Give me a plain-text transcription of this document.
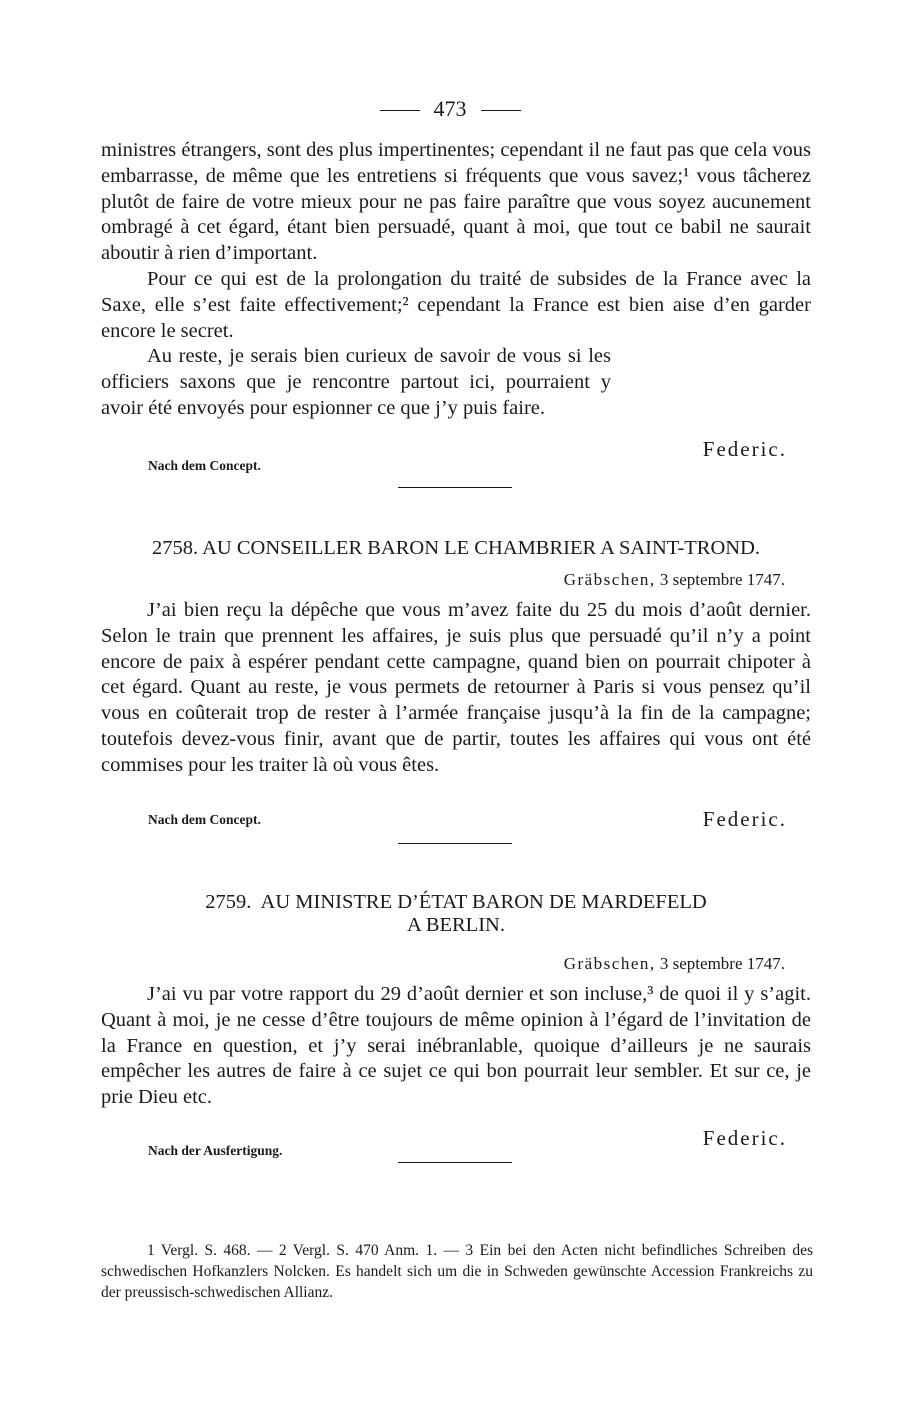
473

ministres étrangers, sont des plus impertinentes; cependant il ne faut pas que cela vous embarrasse, de même que les entretiens si fréquents que vous savez;¹ vous tâcherez plutôt de faire de votre mieux pour ne pas faire paraître que vous soyez aucunement ombragé à cet égard, étant bien persuadé, quant à moi, que tout ce babil ne saurait aboutir à rien d’important.

Pour ce qui est de la prolongation du traité de subsides de la France avec la Saxe, elle s’est faite effectivement;² cependant la France est bien aise d’en garder encore le secret.

Au reste, je serais bien curieux de savoir de vous si les officiers saxons que je rencontre partout ici, pourraient y avoir été envoyés pour espionner ce que j’y puis faire.

Federic.
Nach dem Concept.
2758. AU CONSEILLER BARON LE CHAMBRIER A SAINT-TROND.
Gräbschen, 3 septembre 1747.

J’ai bien reçu la dépêche que vous m’avez faite du 25 du mois d’août dernier. Selon le train que prennent les affaires, je suis plus que persuadé qu’il n’y a point encore de paix à espérer pendant cette campagne, quand bien on pourrait chipoter à cet égard. Quant au reste, je vous permets de retourner à Paris si vous pensez qu’il vous en coûterait trop de rester à l’armée française jusqu’à la fin de la campagne; toutefois devez-vous finir, avant que de partir, toutes les affaires qui vous ont été commises pour les traiter là où vous êtes.

Nach dem Concept.	Federic.
2759. AU MINISTRE D’ÉTAT BARON DE MARDEFELD
A BERLIN.
Gräbschen, 3 septembre 1747.

J’ai vu par votre rapport du 29 d’août dernier et son incluse,³ de quoi il y s’agit. Quant à moi, je ne cesse d’être toujours de même opinion à l’égard de l’invitation de la France en question, et j’y serai inébranlable, quoique d’ailleurs je ne saurais empêcher les autres de faire à ce sujet ce qui bon pourrait leur sembler. Et sur ce, je prie Dieu etc.

Federic.
Nach der Ausfertigung.

1 Vergl. S. 468. — 2 Vergl. S. 470 Anm. 1. — 3 Ein bei den Acten nicht befindliches Schreiben des schwedischen Hofkanzlers Nolcken. Es handelt sich um die in Schweden gewünschte Accession Frankreichs zu der preussisch-schwedischen Allianz.
